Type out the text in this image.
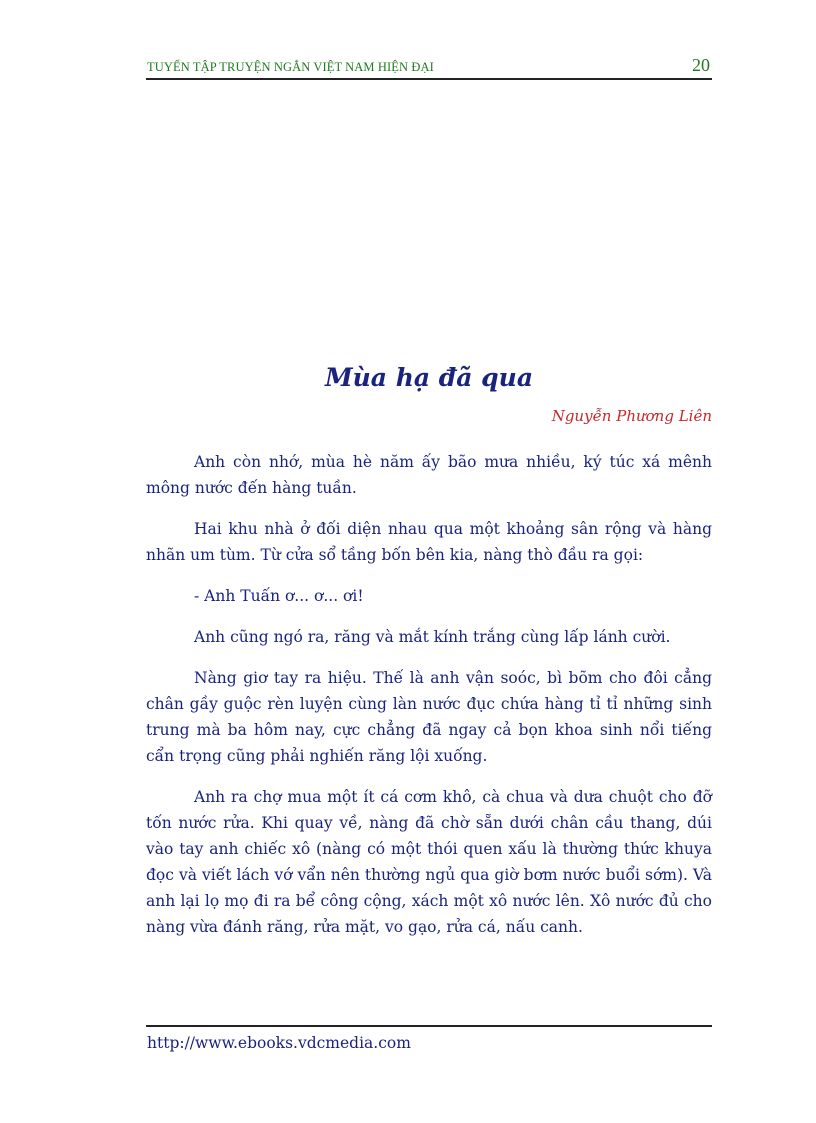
TUYỂN TẬP TRUYỆN NGẮN VIỆT NAM HIỆN ĐẠI	20
Mùa hạ đã qua
Nguyễn Phương Liên

Anh còn nhớ, mùa hè năm ấy bão mưa nhiều, ký túc xá mênh mông nước đến hàng tuần.

Hai khu nhà ở đối diện nhau qua một khoảng sân rộng và hàng nhãn um tùm. Từ cửa sổ tầng bốn bên kia, nàng thò đầu ra gọi:

- Anh Tuấn ơ... ơ... ơi!

Anh cũng ngó ra, răng và mắt kính trắng cùng lấp lánh cười.

Nàng giơ tay ra hiệu. Thế là anh vận soóc, bì bõm cho đôi cẳng chân gầy guộc rèn luyện cùng làn nước đục chứa hàng tỉ tỉ những sinh trung mà ba hôm nay, cực chẳng đã ngay cả bọn khoa sinh nổi tiếng cẩn trọng cũng phải nghiến răng lội xuống.

Anh ra chợ mua một ít cá cơm khô, cà chua và dưa chuột cho đỡ tốn nước rửa. Khi quay về, nàng đã chờ sẵn dưới chân cầu thang, dúi vào tay anh chiếc xô (nàng có một thói quen xấu là thường thức khuya đọc và viết lách vớ vẩn nên thường ngủ qua giờ bơm nước buổi sớm). Và anh lại lọ mọ đi ra bể công cộng, xách một xô nước lên. Xô nước đủ cho nàng vừa đánh răng, rửa mặt, vo gạo, rửa cá, nấu canh.

http://www.ebooks.vdcmedia.com
